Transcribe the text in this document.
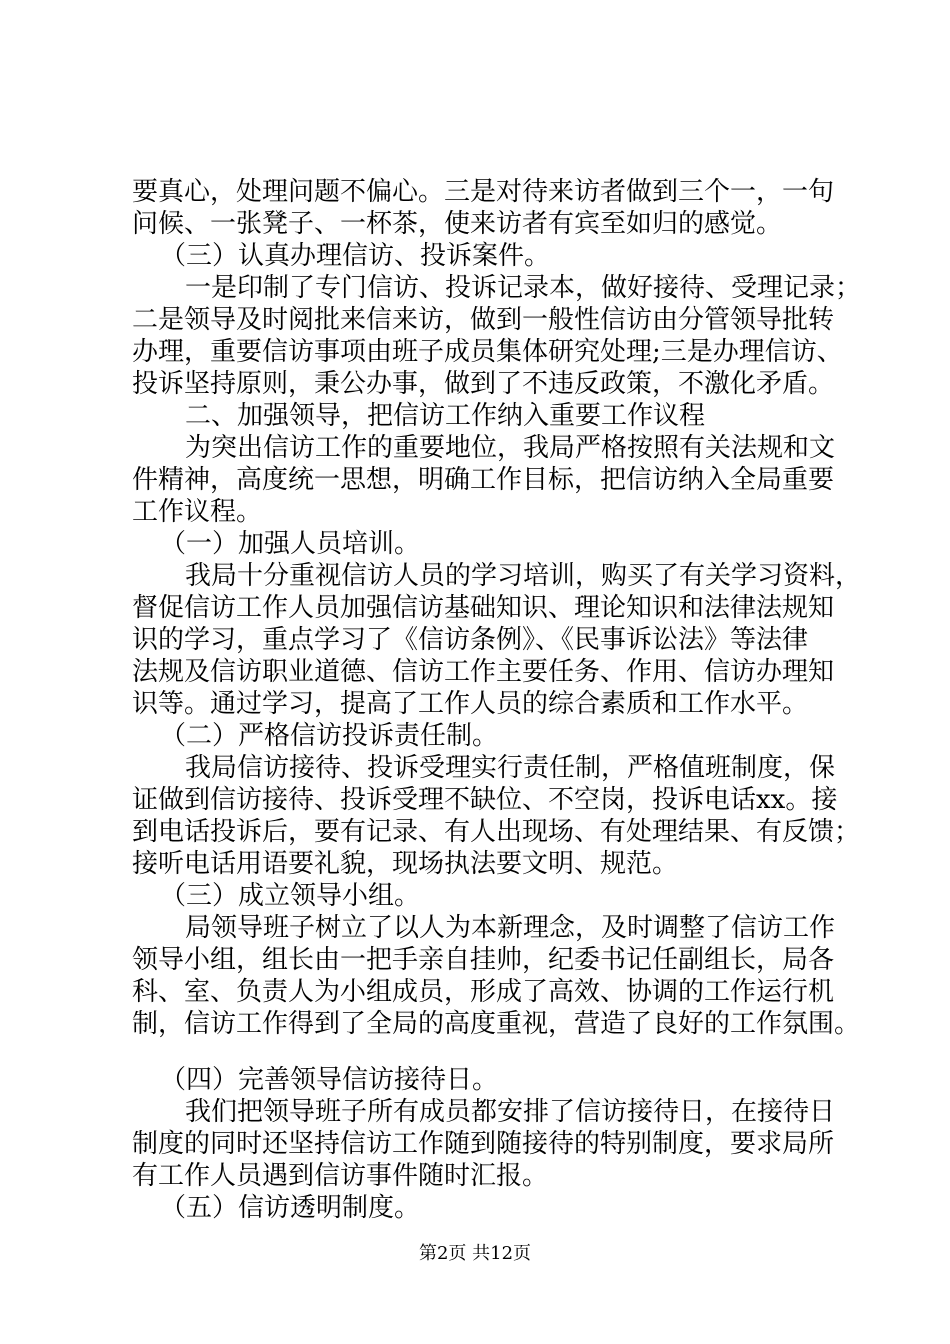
要真心，处理问题不偏心。三是对待来访者做到三个一，一句
问候、一张凳子、一杯茶，使来访者有宾至如归的感觉。
（三）认真办理信访、投诉案件。
一是印制了专门信访、投诉记录本，做好接待、受理记录；
二是领导及时阅批来信来访，做到一般性信访由分管领导批转
办理，重要信访事项由班子成员集体研究处理;三是办理信访、
投诉坚持原则，秉公办事，做到了不违反政策，不激化矛盾。
二、加强领导，把信访工作纳入重要工作议程
为突出信访工作的重要地位，我局严格按照有关法规和文
件精神，高度统一思想，明确工作目标，把信访纳入全局重要
工作议程。
（一）加强人员培训。
我局十分重视信访人员的学习培训，购买了有关学习资料，
督促信访工作人员加强信访基础知识、理论知识和法律法规知
识的学习，重点学习了《信访条例》、《民事诉讼法》等法律
法规及信访职业道德、信访工作主要任务、作用、信访办理知
识等。通过学习，提高了工作人员的综合素质和工作水平。
（二）严格信访投诉责任制。
我局信访接待、投诉受理实行责任制，严格值班制度，保
证做到信访接待、投诉受理不缺位、不空岗，投诉电话xx。接
到电话投诉后，要有记录、有人出现场、有处理结果、有反馈；
接听电话用语要礼貌，现场执法要文明、规范。
（三）成立领导小组。
局领导班子树立了以人为本新理念，及时调整了信访工作
领导小组，组长由一把手亲自挂帅，纪委书记任副组长，局各
科、室、负责人为小组成员，形成了高效、协调的工作运行机
制，信访工作得到了全局的高度重视，营造了良好的工作氛围。
（四）完善领导信访接待日。
我们把领导班子所有成员都安排了信访接待日，在接待日
制度的同时还坚持信访工作随到随接待的特别制度，要求局所
有工作人员遇到信访事件随时汇报。
（五）信访透明制度。
第2页 共12页
